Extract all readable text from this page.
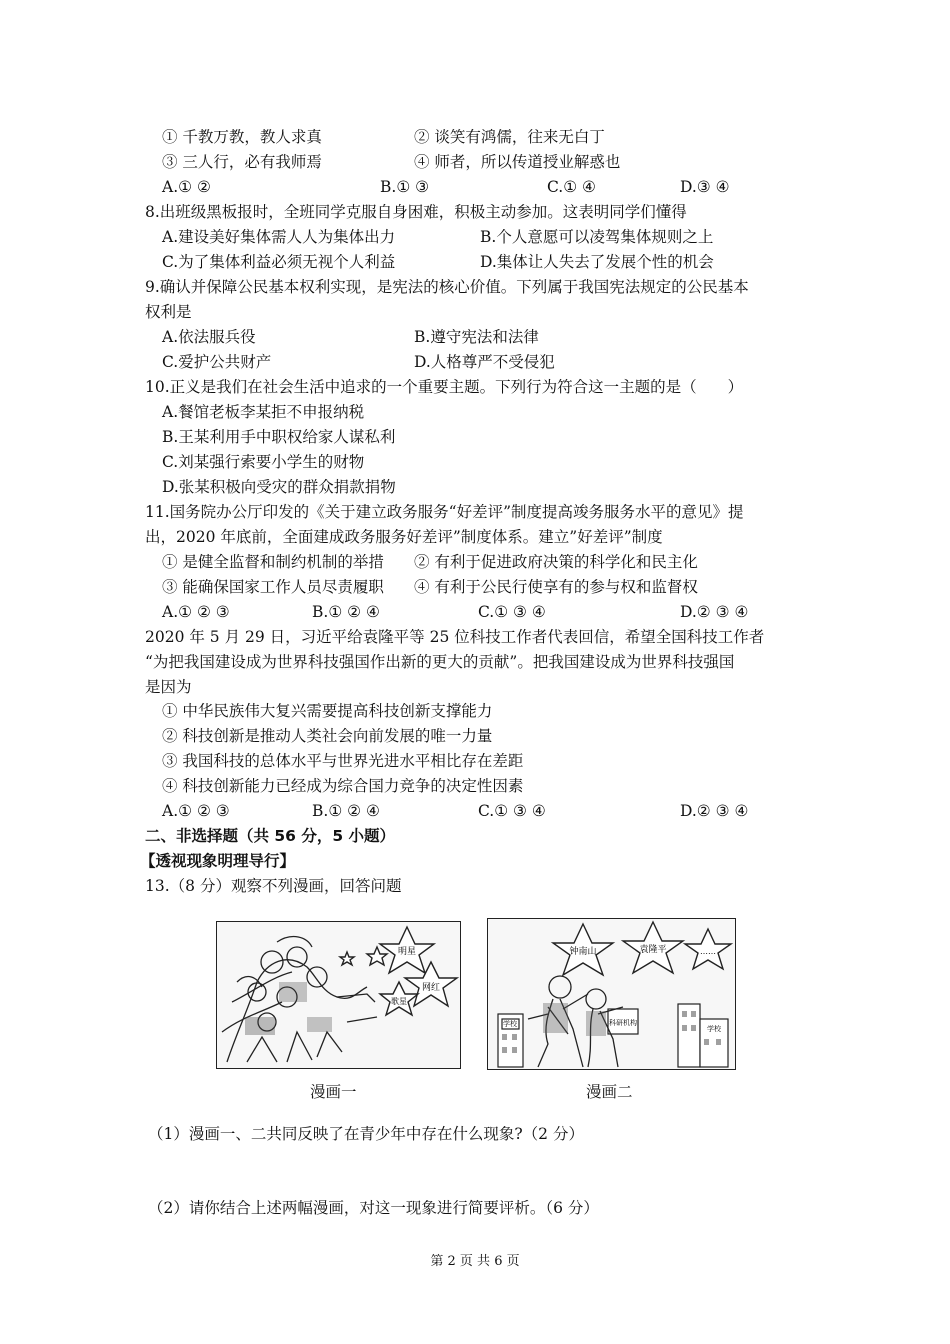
① 千教万教，教人求真	② 谈笑有鸿儒，往来无白丁
③ 三人行，必有我师焉	④ 师者，所以传道授业解惑也
A.① ②	B.① ③	C.① ④	D.③ ④
8.出班级黑板报时，全班同学克服自身困难，积极主动参加。这表明同学们懂得
A.建设美好集体需人人为集体出力	B.个人意愿可以凌驾集体规则之上
C.为了集体利益必须无视个人利益	D.集体让人失去了发展个性的机会
9.确认并保障公民基本权利实现，是宪法的核心价值。下列属于我国宪法规定的公民基本
权利是
A.依法服兵役	B.遵守宪法和法律
C.爱护公共财产	D.人格尊严不受侵犯
10.正义是我们在社会生活中追求的一个重要主题。下列行为符合这一主题的是（　　）
A.餐馆老板李某拒不申报纳税
B.王某利用手中职权给家人谋私利
C.刘某强行索要小学生的财物
D.张某积极向受灾的群众捐款捐物
11.国务院办公厅印发的《关于建立政务服务“好差评”制度提高竣务服务水平的意见》提
出，2020 年底前，全面建成政务服务好差评”制度体系。建立”好差评”制度
① 是健全监督和制约机制的举措 ② 有利于促进政府决策的科学化和民主化
③ 能确保国家工作人员尽责履职 ④ 有利于公民行使享有的参与权和监督权
A.① ② ③	B.① ② ④	C.① ③ ④	D.② ③ ④
2020 年 5 月 29 日，习近平给袁隆平等 25 位科技工作者代表回信，希望全国科技工作者
“为把我国建设成为世界科技强国作出新的更大的贡献”。把我国建设成为世界科技强国
是因为
① 中华民族伟大复兴需要提高科技创新支撑能力
② 科技创新是推动人类社会向前发展的唯一力量
③ 我国科技的总体水平与世界光进水平相比存在差距
④ 科技创新能力已经成为综合国力竞争的决定性因素
A.① ② ③	B.① ② ④	C.① ③ ④	D.② ③ ④
二、非选择题（共 56 分，5 小题）
【透视现象明理导行】
13.（8 分）观察不列漫画，回答问题
明星
网红
歌星
钟南山	袁隆平	……
学校	科研机构
学校
漫画一	漫画二
（1）漫画一、二共同反映了在青少年中存在什么现象?（2 分）
（2）请你结合上述两幅漫画，对这一现象进行简要评析。（6 分）
第 2 页 共 6 页
